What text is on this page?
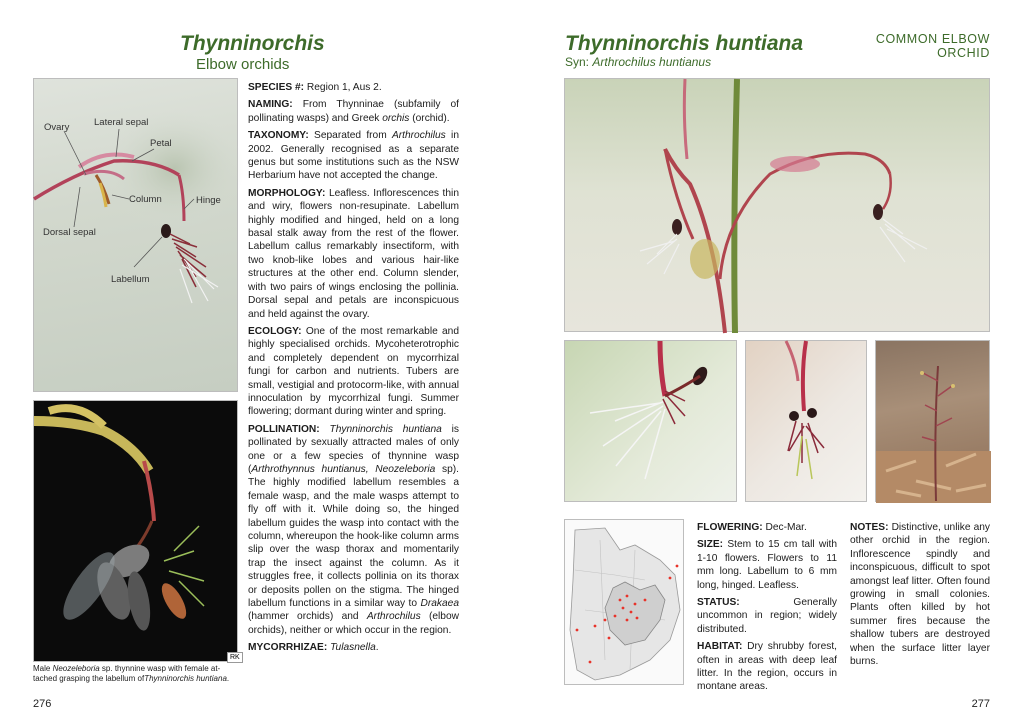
Thynninorchis
Elbow orchids
Ovary	Lateral sepal
Petal
Column	Hinge
Dorsal sepal
Labellum
RK
Male Neozeleboria sp. thynnine wasp with female at-tached grasping the labellum ofThynninorchis huntiana.

SPECIES #: Region 1, Aus 2.

NAMING: From Thynninae (subfamily of pollinating wasps) and Greek orchis (orchid).

TAXONOMY: Separated from Arthrochilus in 2002. Generally recognised as a separate genus but some institutions such as the NSW Herbarium have not accepted the change.

MORPHOLOGY: Leafless. Inflorescences thin and wiry, flowers non-resupinate. Labellum highly modified and hinged, held on a long basal stalk away from the rest of the flower. Labellum callus remarkably insectiform, with two knob-like lobes and various hair-like structures at the other end. Column slender, with two pairs of wings enclosing the pollinia. Dorsal sepal and petals are inconspicuous and held against the ovary.

ECOLOGY: One of the most remarkable and highly specialised orchids. Mycoheterotrophic and completely dependent on mycorrhizal fungi for carbon and nutrients. Tubers are small, vestigial and protocorm-like, with annual innoculation by mycorrhizal fungi. Summer flowering; dormant during winter and spring.

POLLINATION: Thynninorchis huntiana is pollinated by sexually attracted males of only one or a few species of thynnine wasp (Arthrothynnus huntianus, Neozeleboria sp). The highly modified labellum resembles a female wasp, and the male wasps attempt to fly off with it. While doing so, the hinged labellum guides the wasp into contact with the column, whereupon the hook-like column arms slip over the wasp thorax and momentarily trap the insect against the column. As it struggles free, it collects pollinia on its thorax or deposits pollen on the stigma. The hinged labellum functions in a similar way to Drakaea (hammer orchids) and Arthrochilus (elbow orchids), neither or which occur in the region.

MYCORRHIZAE: Tulasnella.

276
Thynninorchis huntiana
Syn: Arthrochilus huntianus
COMMON ELBOW
ORCHID

FLOWERING: Dec-Mar.

SIZE: Stem to 15 cm tall with 1-10 flowers. Flowers to 11 mm long. Labellum to 6 mm long, hinged. Leafless.

STATUS: Generally uncommon in region; widely distributed.

HABITAT: Dry shrubby forest, often in areas with deep leaf litter. In the region, occurs in montane areas.

NOTES: Distinctive, unlike any other orchid in the region. Inflorescence spindly and inconspicuous, difficult to spot amongst leaf litter. Often found growing in small colonies. Plants often killed by hot summer fires because the shallow tubers are destroyed when the surface litter layer burns.

277
